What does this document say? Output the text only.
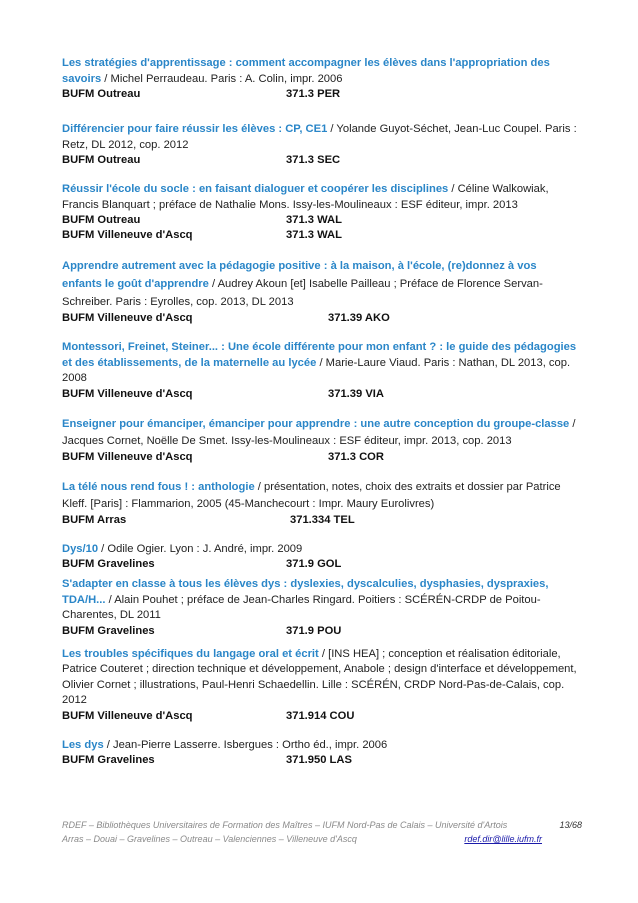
Les stratégies d'apprentissage : comment accompagner les élèves dans l'appropriation des savoirs / Michel Perraudeau. Paris : A. Colin, impr. 2006
BUFM Outreau	371.3 PER
Différencier pour faire réussir les élèves : CP, CE1 / Yolande Guyot-Séchet, Jean-Luc Coupel. Paris : Retz, DL 2012, cop. 2012
BUFM Outreau	371.3 SEC
Réussir l'école du socle : en faisant dialoguer et coopérer les disciplines / Céline Walkowiak, Francis Blanquart ; préface de Nathalie Mons. Issy-les-Moulineaux : ESF éditeur, impr. 2013
BUFM Outreau	371.3 WAL
BUFM Villeneuve d'Ascq	371.3 WAL
Apprendre autrement avec la pédagogie positive : à la maison, à l'école, (re)donnez à vos enfants le goût d'apprendre / Audrey Akoun [et] Isabelle Pailleau ; Préface de Florence Servan-Schreiber. Paris : Eyrolles, cop. 2013, DL 2013
BUFM Villeneuve d'Ascq	371.39 AKO
Montessori, Freinet, Steiner... : Une école différente pour mon enfant ? : le guide des pédagogies et des établissements, de la maternelle au lycée / Marie-Laure Viaud. Paris : Nathan, DL 2013, cop. 2008
BUFM Villeneuve d'Ascq	371.39 VIA
Enseigner pour émanciper, émanciper pour apprendre : une autre conception du groupe-classe / Jacques Cornet, Noëlle De Smet. Issy-les-Moulineaux : ESF éditeur, impr. 2013, cop. 2013
BUFM Villeneuve d'Ascq	371.3 COR
La télé nous rend fous ! : anthologie / présentation, notes, choix des extraits et dossier par Patrice Kleff. [Paris] : Flammarion, 2005 (45-Manchecourt : Impr. Maury Eurolivres)
BUFM Arras	371.334 TEL
Dys/10 / Odile Ogier. Lyon : J. André, impr. 2009
BUFM Gravelines	371.9 GOL
S'adapter en classe à tous les élèves dys : dyslexies, dyscalculies, dysphasies, dyspraxies, TDA/H... / Alain Pouhet ; préface de Jean-Charles Ringard. Poitiers : SCÉRÉN-CRDP de Poitou-Charentes, DL 2011
BUFM Gravelines	371.9 POU
Les troubles spécifiques du langage oral et écrit / [INS HEA] ; conception et réalisation éditoriale, Patrice Couteret ; direction technique et développement, Anabole ; design d'interface et développement, Olivier Cornet ; illustrations, Paul-Henri Schaedellin. Lille : SCÉRÉN, CRDP Nord-Pas-de-Calais, cop. 2012
BUFM Villeneuve d'Ascq	371.914 COU
Les dys / Jean-Pierre Lasserre. Isbergues : Ortho éd., impr. 2006
BUFM Gravelines	371.950 LAS
RDEF – Bibliothèques Universitaires de Formation des Maîtres – IUFM Nord-Pas de Calais – Université d'Artois	13/68
Arras – Douai – Gravelines – Outreau – Valenciennes – Villeneuve d'Ascq	rdef.dir@lille.iufm.fr
